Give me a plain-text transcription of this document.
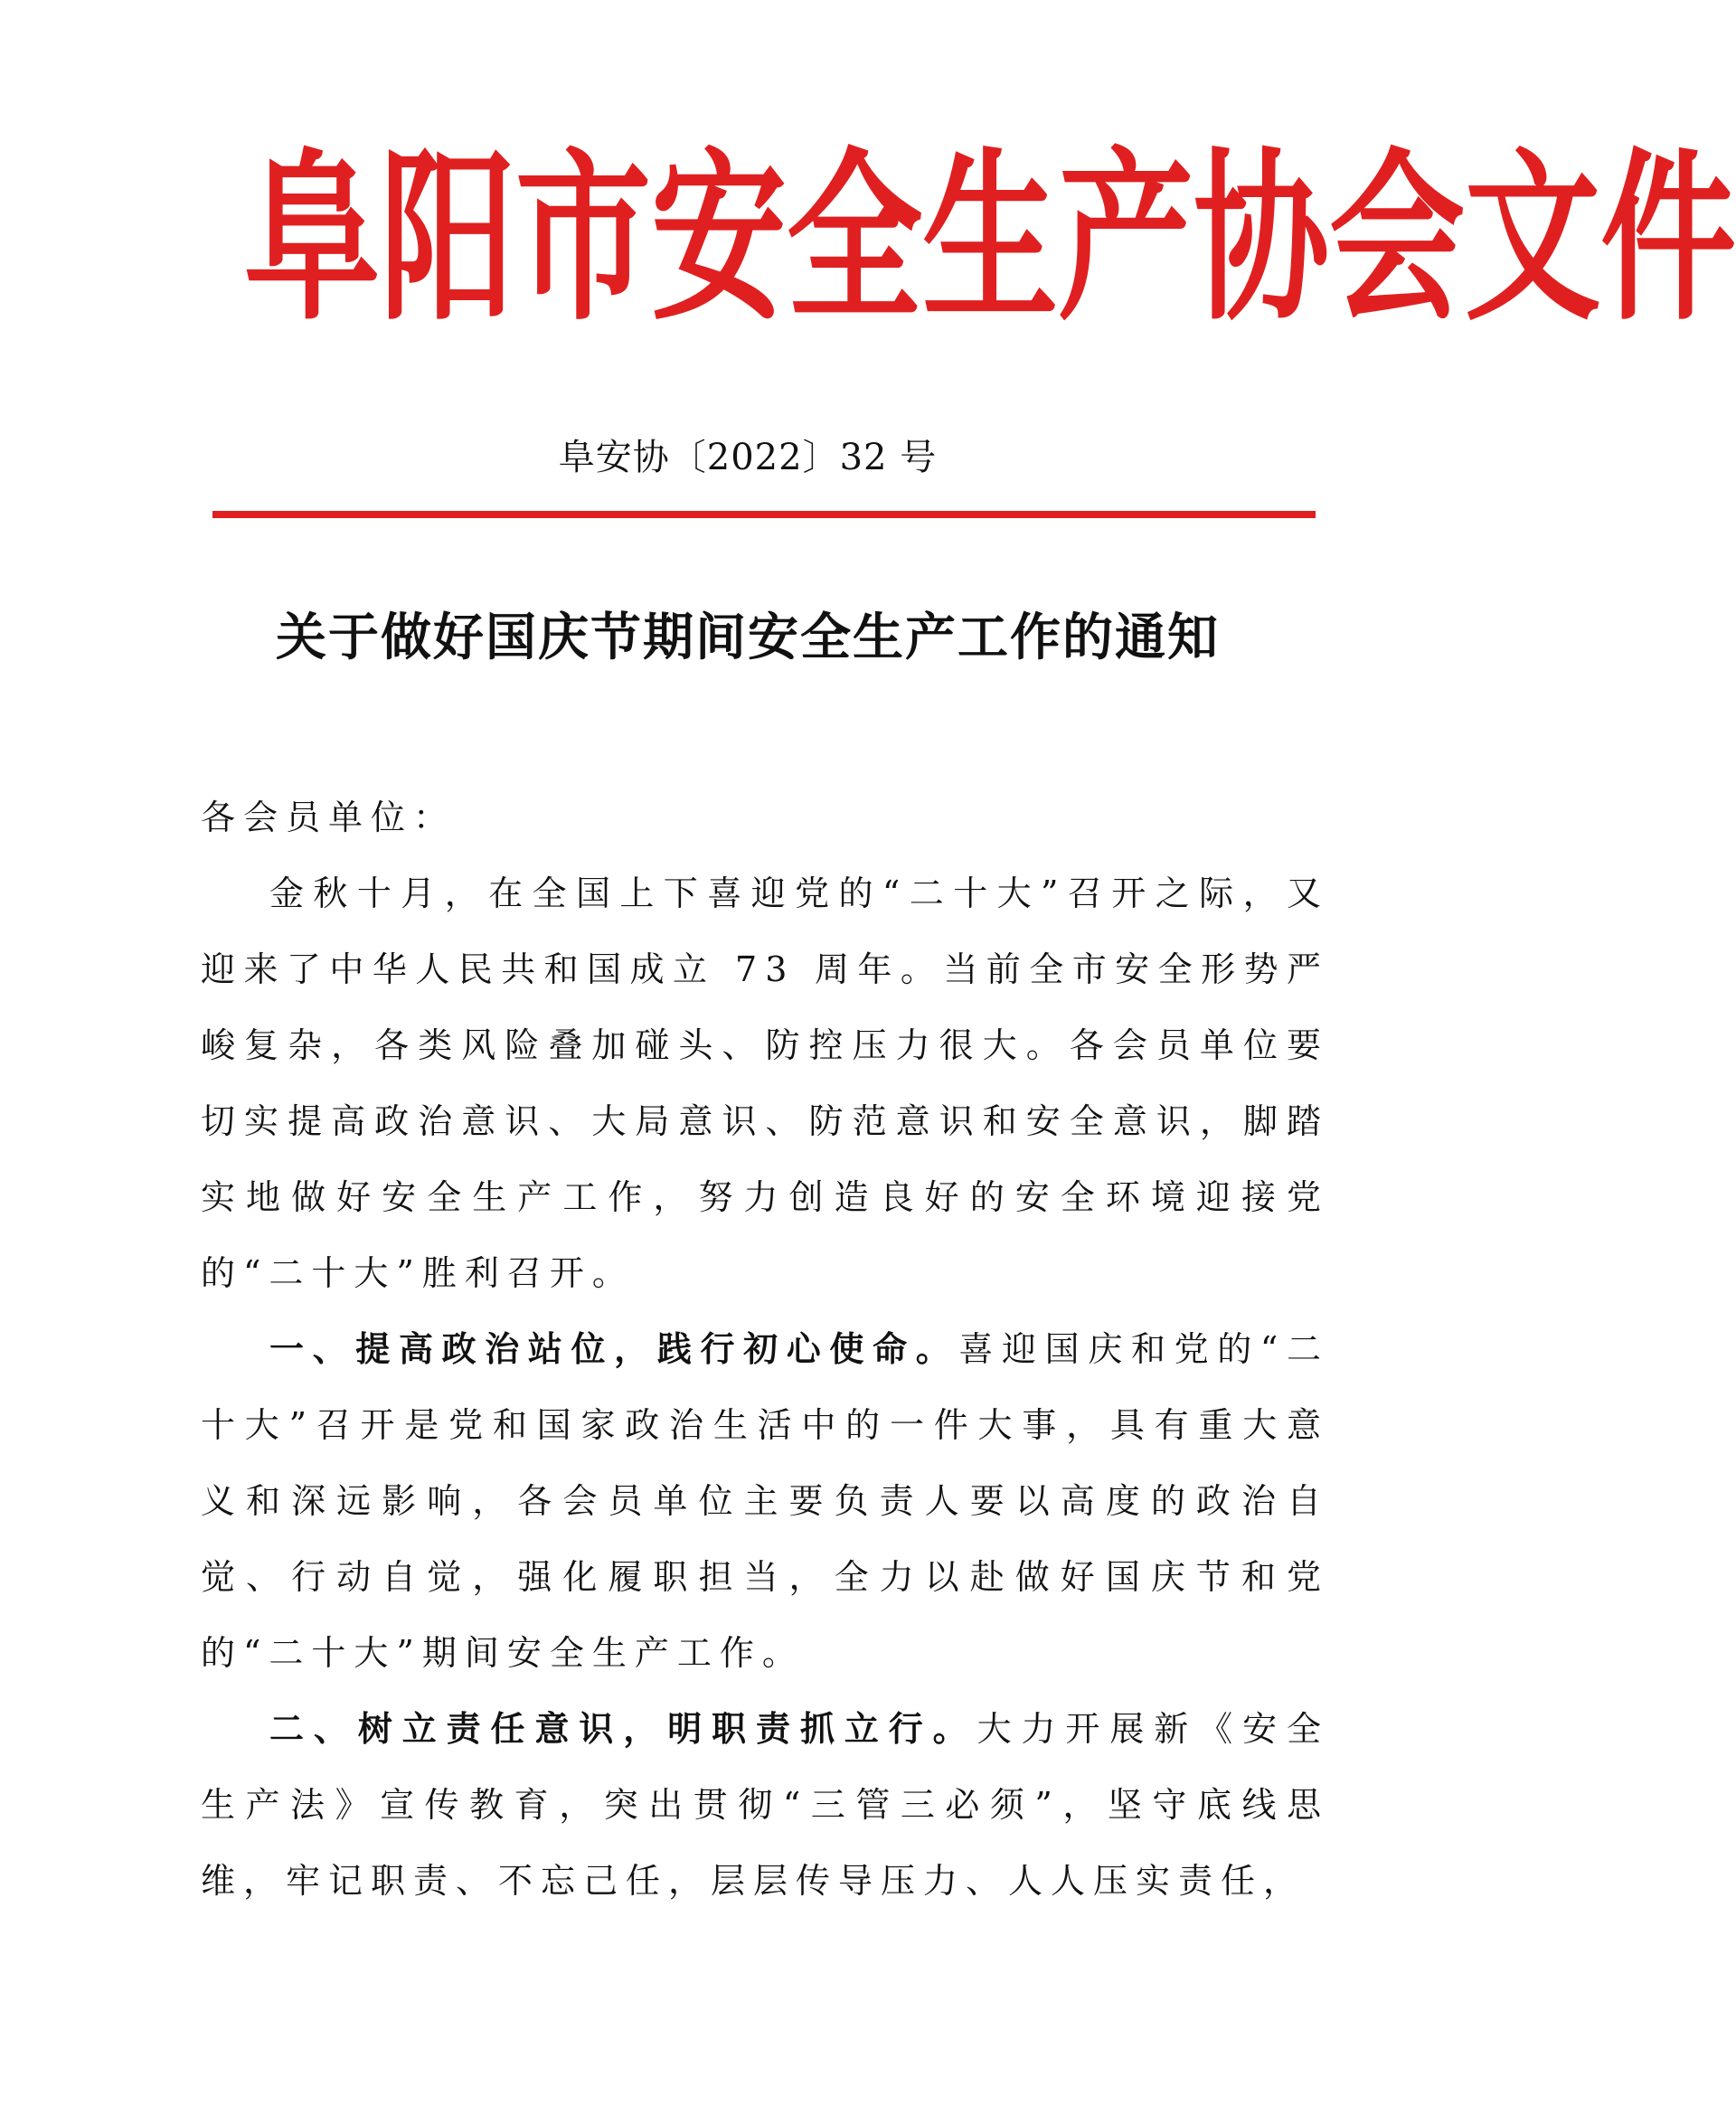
阜 阳 市 安 全 生 产 协 会 文 件
阜安协〔2022〕32 号
关于做好国庆节期间安全生产工作的通知

各会员单位：

金秋十月，在全国上下喜迎党的“二十大”召开之际，又迎来了中华人民共和国成立 73 周年。当前全市安全形势严峻复杂，各类风险叠加碰头、防控压力很大。各会员单位要切实提高政治意识、大局意识、防范意识和安全意识，脚踏实地做好安全生产工作，努力创造良好的安全环境迎接党的“二十大”胜利召开。

一、提高政治站位，践行初心使命。喜迎国庆和党的“二十大”召开是党和国家政治生活中的一件大事，具有重大意义和深远影响，各会员单位主要负责人要以高度的政治自觉、行动自觉，强化履职担当，全力以赴做好国庆节和党的“二十大”期间安全生产工作。

二、树立责任意识，明职责抓立行。大力开展新《安全生产法》宣传教育，突出贯彻“三管三必须”，坚守底线思维，牢记职责、不忘己任，层层传导压力、人人压实责任，
